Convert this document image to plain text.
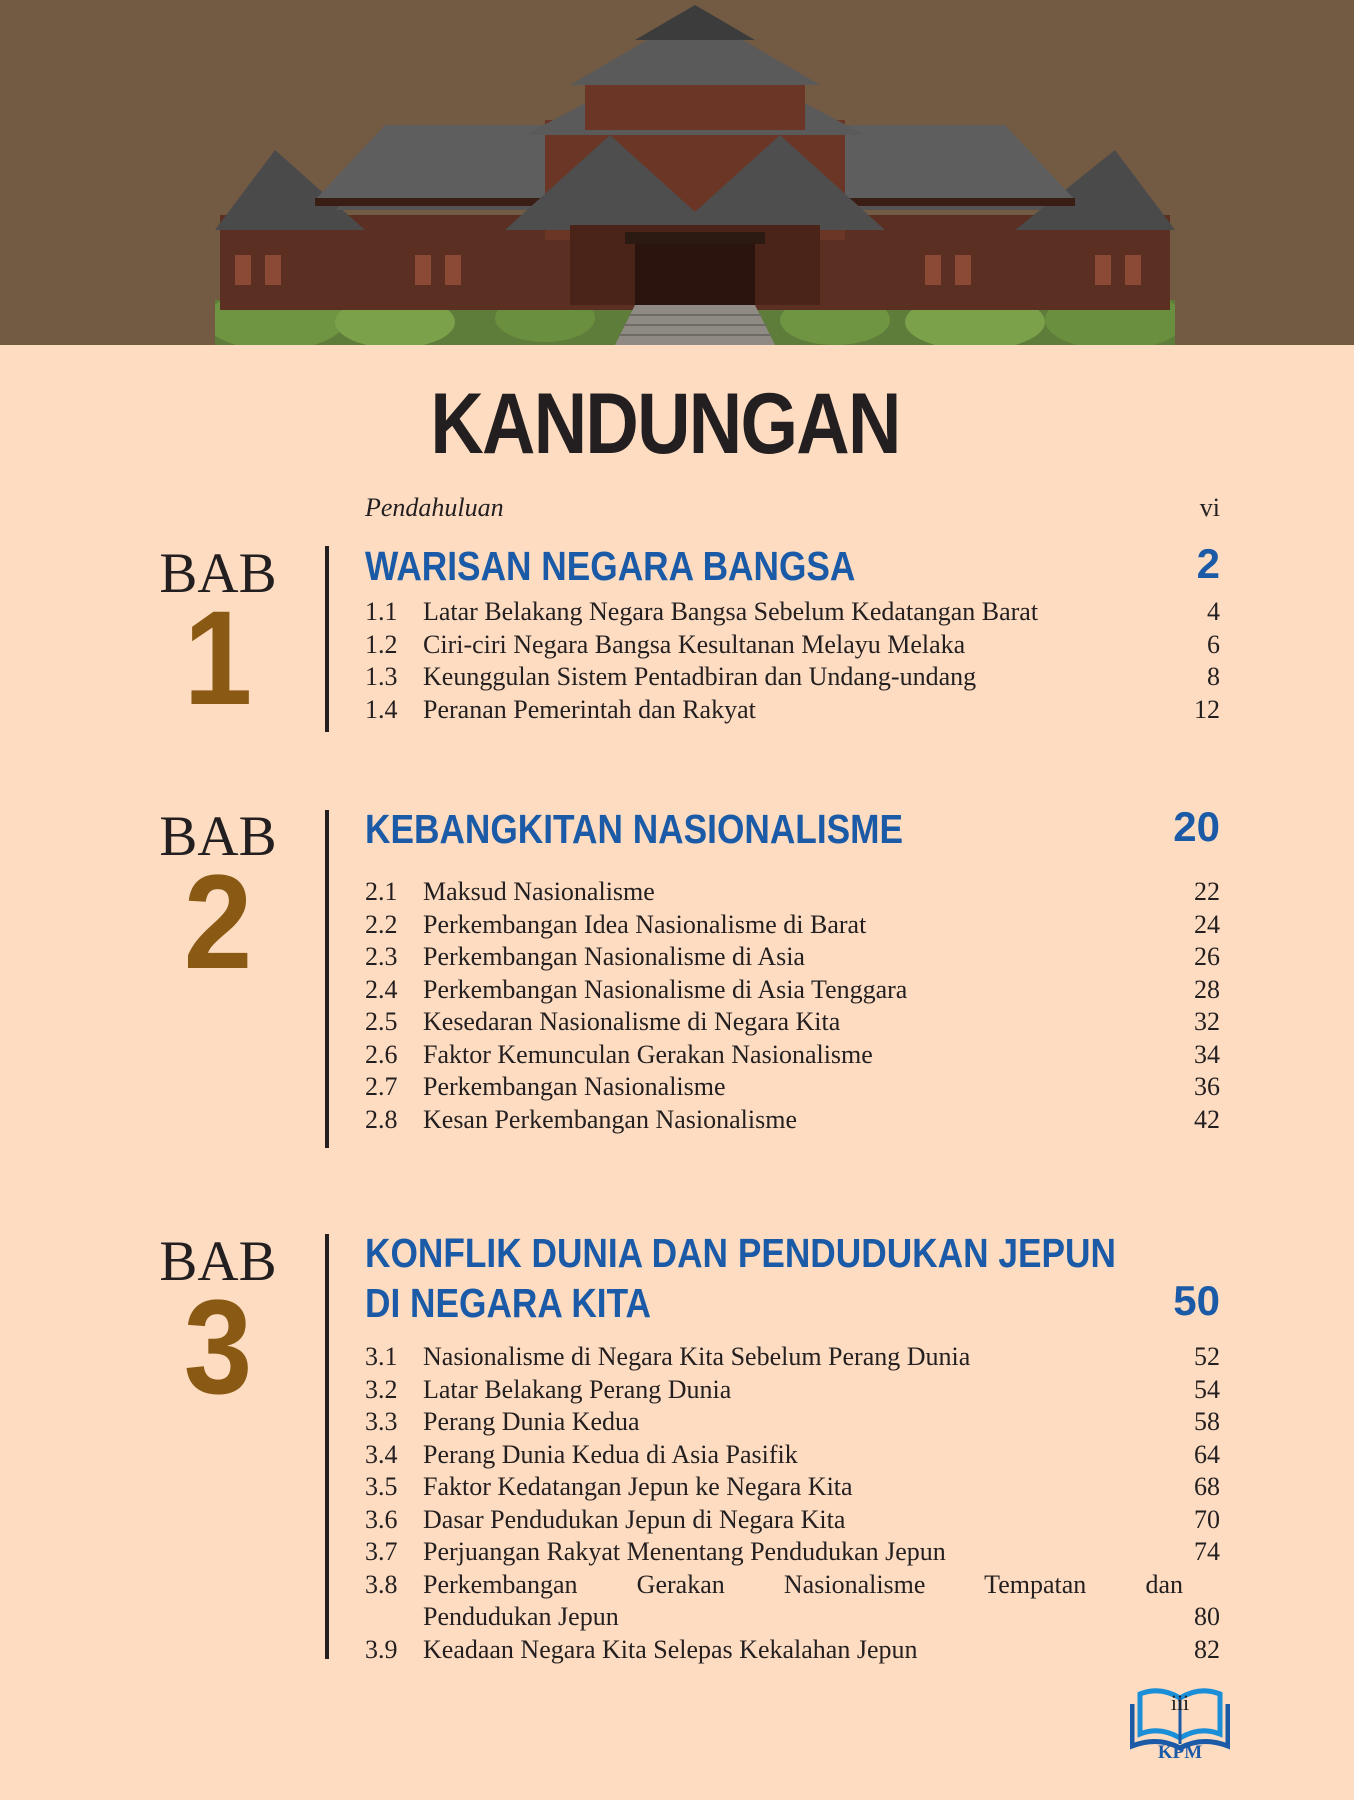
KANDUNGAN
Pendahuluan	vi
BAB
1
WARISAN NEGARA BANGSA	2
1.1 Latar Belakang Negara Bangsa Sebelum Kedatangan Barat	4
1.2 Ciri-ciri Negara Bangsa Kesultanan Melayu Melaka	6
1.3 Keunggulan Sistem Pentadbiran dan Undang-undang	8
1.4 Peranan Pemerintah dan Rakyat	12
BAB
2
KEBANGKITAN NASIONALISME	20
2.1 Maksud Nasionalisme	22
2.2 Perkembangan Idea Nasionalisme di Barat	24
2.3 Perkembangan Nasionalisme di Asia	26
2.4 Perkembangan Nasionalisme di Asia Tenggara	28
2.5 Kesedaran Nasionalisme di Negara Kita	32
2.6 Faktor Kemunculan Gerakan Nasionalisme	34
2.7 Perkembangan Nasionalisme	36
2.8 Kesan Perkembangan Nasionalisme	42
BAB
3
KONFLIK DUNIA DAN PENDUDUKAN JEPUN
DI NEGARA KITA	50
3.1 Nasionalisme di Negara Kita Sebelum Perang Dunia	52
3.2 Latar Belakang Perang Dunia	54
3.3 Perang Dunia Kedua	58
3.4 Perang Dunia Kedua di Asia Pasifik	64
3.5 Faktor Kedatangan Jepun ke Negara Kita	68
3.6 Dasar Pendudukan Jepun di Negara Kita	70
3.7 Perjuangan Rakyat Menentang Pendudukan Jepun	74
3.8 Perkembangan Gerakan Nasionalisme Tempatan dan
Pendudukan Jepun	80
3.9 Keadaan Negara Kita Selepas Kekalahan Jepun	82
iii
KPM
